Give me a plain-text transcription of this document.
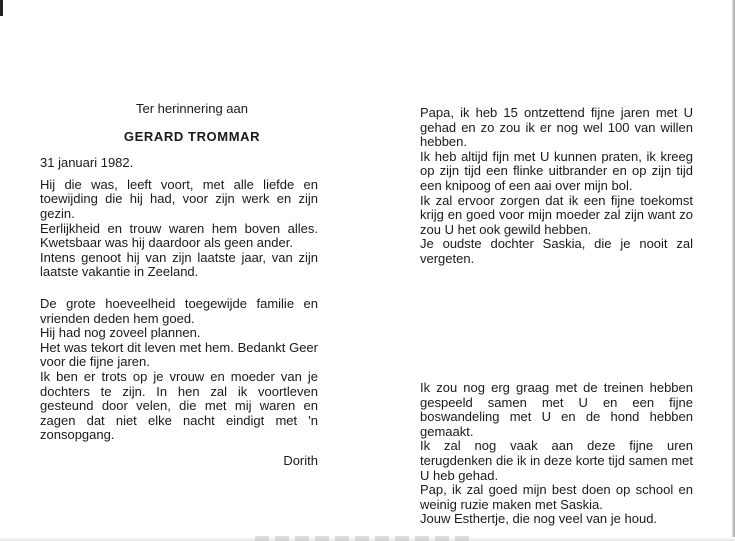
Ter herinnering aan
GERARD TROMMAR
31 januari 1982.
Hij die was, leeft voort, met alle liefde en toewijding die hij had, voor zijn werk en zijn gezin.
Eerlijkheid en trouw waren hem boven alles. Kwetsbaar was hij daardoor als geen ander.
Intens genoot hij van zijn laatste jaar, van zijn laatste vakantie in Zeeland.
De grote hoeveelheid toegewijde familie en vrienden deden hem goed.
Hij had nog zoveel plannen.
Het was tekort dit leven met hem. Bedankt Geer voor die fijne jaren.
Ik ben er trots op je vrouw en moeder van je dochters te zijn. In hen zal ik voortleven gesteund door velen, die met mij waren en zagen dat niet elke nacht eindigt met 'n zonsopgang.
Dorith
Papa, ik heb 15 ontzettend fijne jaren met U gehad en zo zou ik er nog wel 100 van willen hebben.
Ik heb altijd fijn met U kunnen praten, ik kreeg op zijn tijd een flinke uitbrander en op zijn tijd een knipoog of een aai over mijn bol.
Ik zal ervoor zorgen dat ik een fijne toekomst krijg en goed voor mijn moeder zal zijn want zo zou U het ook gewild hebben.
Je oudste dochter Saskia, die je nooit zal vergeten.
Ik zou nog erg graag met de treinen hebben gespeeld samen met U en een fijne boswandeling met U en de hond hebben gemaakt.
Ik zal nog vaak aan deze fijne uren terugdenken die ik in deze korte tijd samen met U heb gehad.
Pap, ik zal goed mijn best doen op school en weinig ruzie maken met Saskia.
Jouw Esthertje, die nog veel van je houd.
